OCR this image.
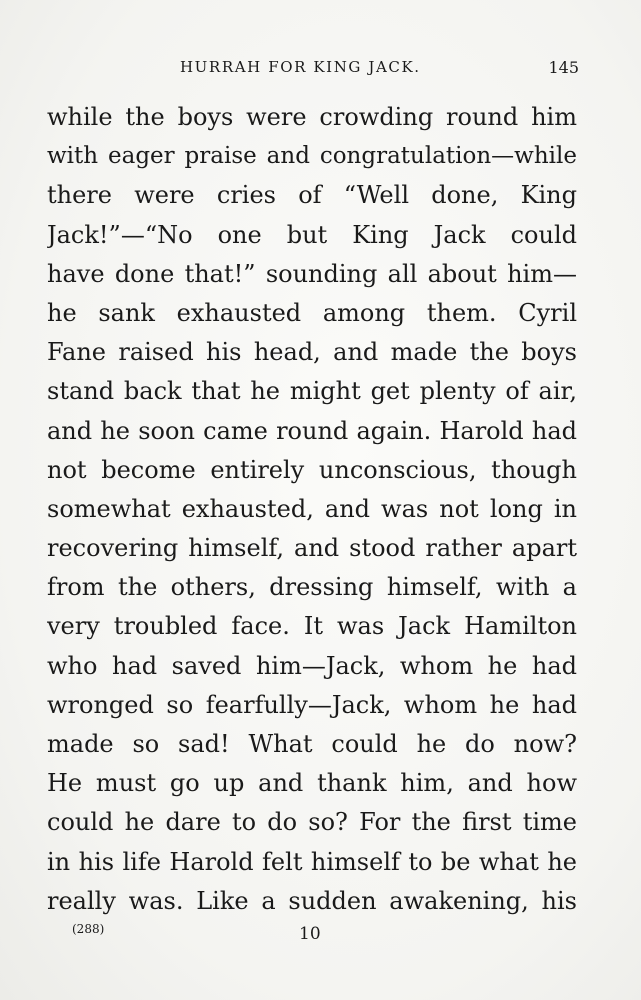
HURRAH FOR KING JACK.	145
while the boys were crowding round him
with eager praise and congratulation—while
there were cries of “Well done, King
Jack!”—“No one but King Jack could
have done that!” sounding all about him—
he sank exhausted among them. Cyril
Fane raised his head, and made the boys
stand back that he might get plenty of air,
and he soon came round again. Harold had
not become entirely unconscious, though
somewhat exhausted, and was not long in
recovering himself, and stood rather apart
from the others, dressing himself, with a
very troubled face. It was Jack Hamilton
who had saved him—Jack, whom he had
wronged so fearfully—Jack, whom he had
made so sad! What could he do now?
He must go up and thank him, and how
could he dare to do so? For the first time
in his life Harold felt himself to be what he
really was. Like a sudden awakening, his
(288)	10
